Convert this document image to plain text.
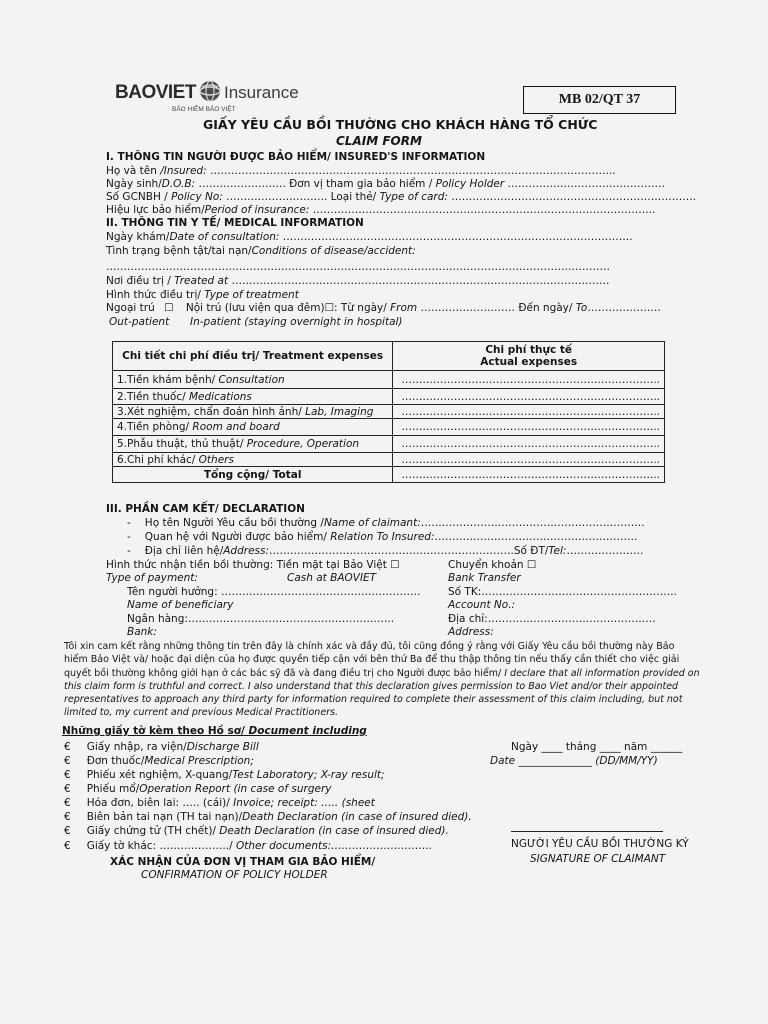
BAOVIET Insurance
BẢO HIỂM BẢO VIỆT
MB 02/QT 37
GIẤY YÊU CẦU BỒI THƯỜNG CHO KHÁCH HÀNG TỔ CHỨC
CLAIM FORM
I. THÔNG TIN NGƯỜI ĐƯỢC BẢO HIỂM/ INSURED'S INFORMATION
Họ và tên /Insured: ……………………………………………………………………………………………………..
Ngày sinh/D.O.B: ……………………. Đơn vị tham gia bảo hiểm / Policy Holder ………………………………………
Số GCNBH / Policy No: ……………………….. Loại thẻ/ Type of card: …………………………………………………………….
Hiệu lực bảo hiểm/Period of insurance: ……………………………………………………………………………………..
II. THÔNG TIN Y TẾ/ MEDICAL INFORMATION
Ngày khám/Date of consultation: ……………………………………………………………………………………….
Tình trạng bệnh tật/tai nạn/Conditions of disease/accident:
………………………………………………………………………………………………………………………………
Nơi điều trị / Treated at ………………………………………………………………………………………………
Hình thức điều trị/ Type of treatment
Ngoại trú ☐ Nội trú (lưu viện qua đêm)☐: Từ ngày/ From ……………………… Đến ngày/ To…………………
Out-patient In-patient (staying overnight in hospital)
Chi tiết chi phí điều trị/ Treatment expenses	Chi phí thực tế
Actual expenses
1.Tiền khám bệnh/ Consultation	………………………………………………………………..
2.Tiền thuốc/ Medications	………………………………………………………………..
3.Xét nghiệm, chẩn đoán hình ảnh/ Lab, Imaging	………………………………………………………………..
4.Tiền phòng/ Room and board	………………………………………………………………..
5.Phẫu thuật, thủ thuật/ Procedure, Operation	………………………………………………………………..
6.Chi phí khác/ Others	………………………………………………………………..
Tổng cộng/ Total	………………………………………………………………..
III. PHẦN CAM KẾT/ DECLARATION
- Họ tên Người Yêu cầu bồi thường /Name of claimant:……………………………………………………….
- Quan hệ với Người được bảo hiểm/ Relation To Insured:………………………………………………….
- Địa chỉ liên hệ/Address:…………………………………………………………….Số ĐT/Tel:………………….
Hình thức nhận tiền bồi thường: Tiền mặt tại Bảo Việt ☐	Chuyển khoản ☐
Type of payment:	Cash at BAOVIET	Bank Transfer
Tên người hưởng: …………………………………………………	Số TK:………………………………………………..
Name of beneficiary	Account No.:
Ngân hàng:…………………………………………………..	Địa chỉ:…………………………………………
Bank:	Address:
Tôi xin cam kết rằng những thông tin trên đây là chính xác và đầy đủ, tôi cũng đồng ý rằng với Giấy Yêu cầu bồi thường này Bảo
hiểm Bảo Việt và/ hoặc đại diện của họ được quyền tiếp cận với bên thứ Ba để thu thập thông tin nếu thấy cần thiết cho việc giải
quyết bồi thường không giới hạn ở các bác sỹ đã và đang điều trị cho Người được bảo hiểm/ I declare that all information provided on
this claim form is truthful and correct. I also understand that this declaration gives permission to Bao Viet and/or their appointed
representatives to approach any third party for information required to complete their assessment of this claim including, but not
limited to, my current and previous Medical Practitioners.
Những giấy tờ kèm theo Hồ sơ/ Document including
€ Giấy nhập, ra viện/Discharge Bill
€ Đơn thuốc/Medical Prescription;
€ Phiếu xét nghiệm, X-quang/Test Laboratory; X-ray result;
€ Phiếu mổ/Operation Report (in case of surgery
€ Hóa đơn, biên lai: ….. (cái)/ Invoice; receipt: ….. (sheet
€ Biên bản tai nạn (TH tai nạn)/Death Declaration (in case of insured died).
€ Giấy chứng tử (TH chết)/ Death Declaration (in case of insured died).
€ Giấy tờ khác: ………………../ Other documents:………………………..
Ngày ____ tháng ____ năm ______
Date ______________ (DD/MM/YY)
NGƯỜI YÊU CẦU BỒI THƯỜNG KÝ
SIGNATURE OF CLAIMANT
XÁC NHẬN CỦA ĐƠN VỊ THAM GIA BẢO HIỂM/
CONFIRMATION OF POLICY HOLDER
